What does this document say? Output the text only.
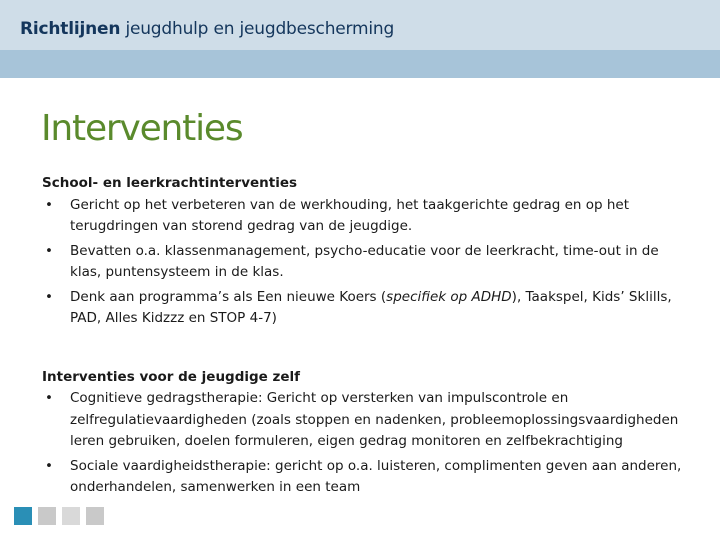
Richtlijnen jeugdhulp en jeugdbescherming
Interventies
School- en leerkrachtinterventies
• Gericht op het verbeteren van de werkhouding, het taakgerichte gedrag en op het terugdringen van storend gedrag van de jeugdige.
• Bevatten o.a. klassenmanagement, psycho-educatie voor de leerkracht, time-out in de klas, puntensysteem in de klas.
• Denk aan programma’s als Een nieuwe Koers (specifiek op ADHD), Taakspel, Kids’ Sklills, PAD, Alles Kidzzz en STOP 4-7)
Interventies voor de jeugdige zelf
• Cognitieve gedragstherapie: Gericht op versterken van impulscontrole en zelfregulatievaardigheden (zoals stoppen en nadenken, probleemoplossingsvaardigheden leren gebruiken, doelen formuleren, eigen gedrag monitoren en zelfbekrachtiging
• Sociale vaardigheidstherapie: gericht op o.a. luisteren, complimenten geven aan anderen, onderhandelen, samenwerken in een team
